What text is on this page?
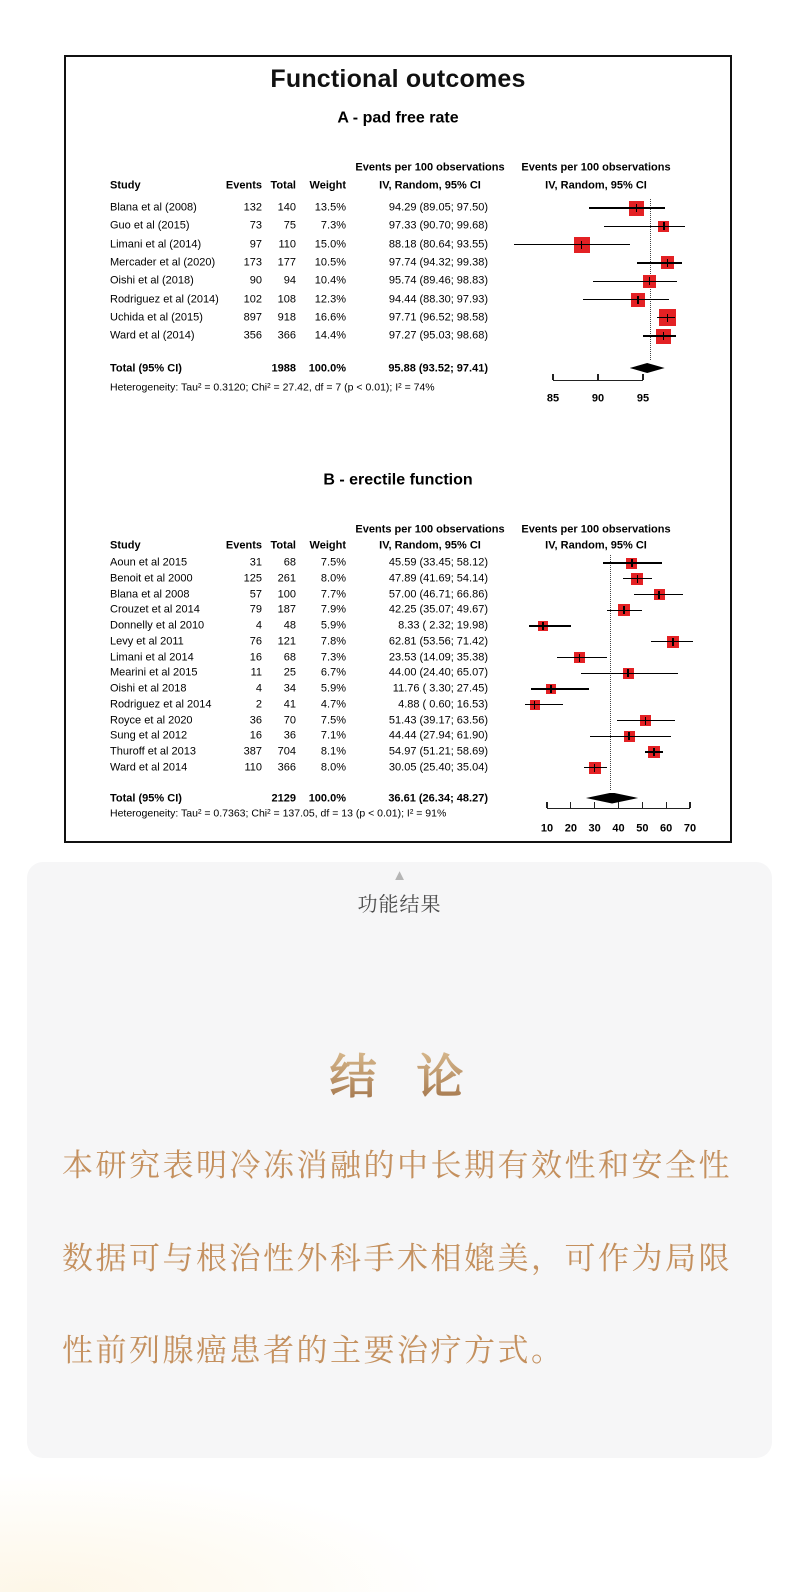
Functional outcomes
A - pad free rate
Events per 100 observations Events per 100 observations
Study	Events Total Weight	IV, Random, 95% CI	IV, Random, 95% CI
Blana et al (2008)	132 140 13.5%	94.29 (89.05; 97.50)
Guo et al (2015)	73 75 7.3%	97.33 (90.70; 99.68)
Limani et al (2014)	97 110 15.0%	88.18 (80.64; 93.55)
Mercader et al (2020)	173 177 10.5%	97.74 (94.32; 99.38)
Oishi et al (2018)	90 94 10.4%	95.74 (89.46; 98.83)
Rodriguez et al (2014) 102 108 12.3%	94.44 (88.30; 97.93)
Uchida et al (2015)	897 918 16.6%	97.71 (96.52; 98.58)
Ward et al (2014)	356 366 14.4%	97.27 (95.03; 98.68)
Total (95% CI)	1988 100.0%	95.88 (93.52; 97.41)
Heterogeneity: Tau² = 0.3120; Chi² = 27.42, df = 7 (p < 0.01); I² = 74%
85	90	95
B - erectile function
Events per 100 observations Events per 100 observations
Study	Events Total Weight	IV, Random, 95% CI	IV, Random, 95% CI
Aoun et al 2015	31 68 7.5%	45.59 (33.45; 58.12)
Benoit et al 2000	125 261 8.0%	47.89 (41.69; 54.14)
Blana et al 2008	57 100 7.7%	57.00 (46.71; 66.86)
Crouzet et al 2014	79 187 7.9%	42.25 (35.07; 49.67)
Donnelly et al 2010	4 48 5.9%	8.33 ( 2.32; 19.98)
Levy et al 2011	76 121 7.8%	62.81 (53.56; 71.42)
Limani et al 2014	16 68 7.3%	23.53 (14.09; 35.38)
Mearini et al 2015	11 25 6.7%	44.00 (24.40; 65.07)
Oishi et al 2018	4 34 5.9%	11.76 ( 3.30; 27.45)
Rodriguez et al 2014	2 41 4.7%	4.88 ( 0.60; 16.53)
Royce et al 2020	36 70 7.5%	51.43 (39.17; 63.56)
Sung et al 2012	16 36 7.1%	44.44 (27.94; 61.90)
Thuroff et al 2013	387 704 8.1%	54.97 (51.21; 58.69)
Ward et al 2014	110 366 8.0%	30.05 (25.40; 35.04)
Total (95% CI)	2129 100.0%	36.61 (26.34; 48.27)
Heterogeneity: Tau² = 0.7363; Chi² = 137.05, df = 13 (p < 0.01); I² = 91%
10 20 30 40 50 60 70
▲
功能结果
结 论
本研究表明冷冻消融的中长期有效性和安全性
数据可与根治性外科手术相媲美，可作为局限
性前列腺癌患者的主要治疗方式。
